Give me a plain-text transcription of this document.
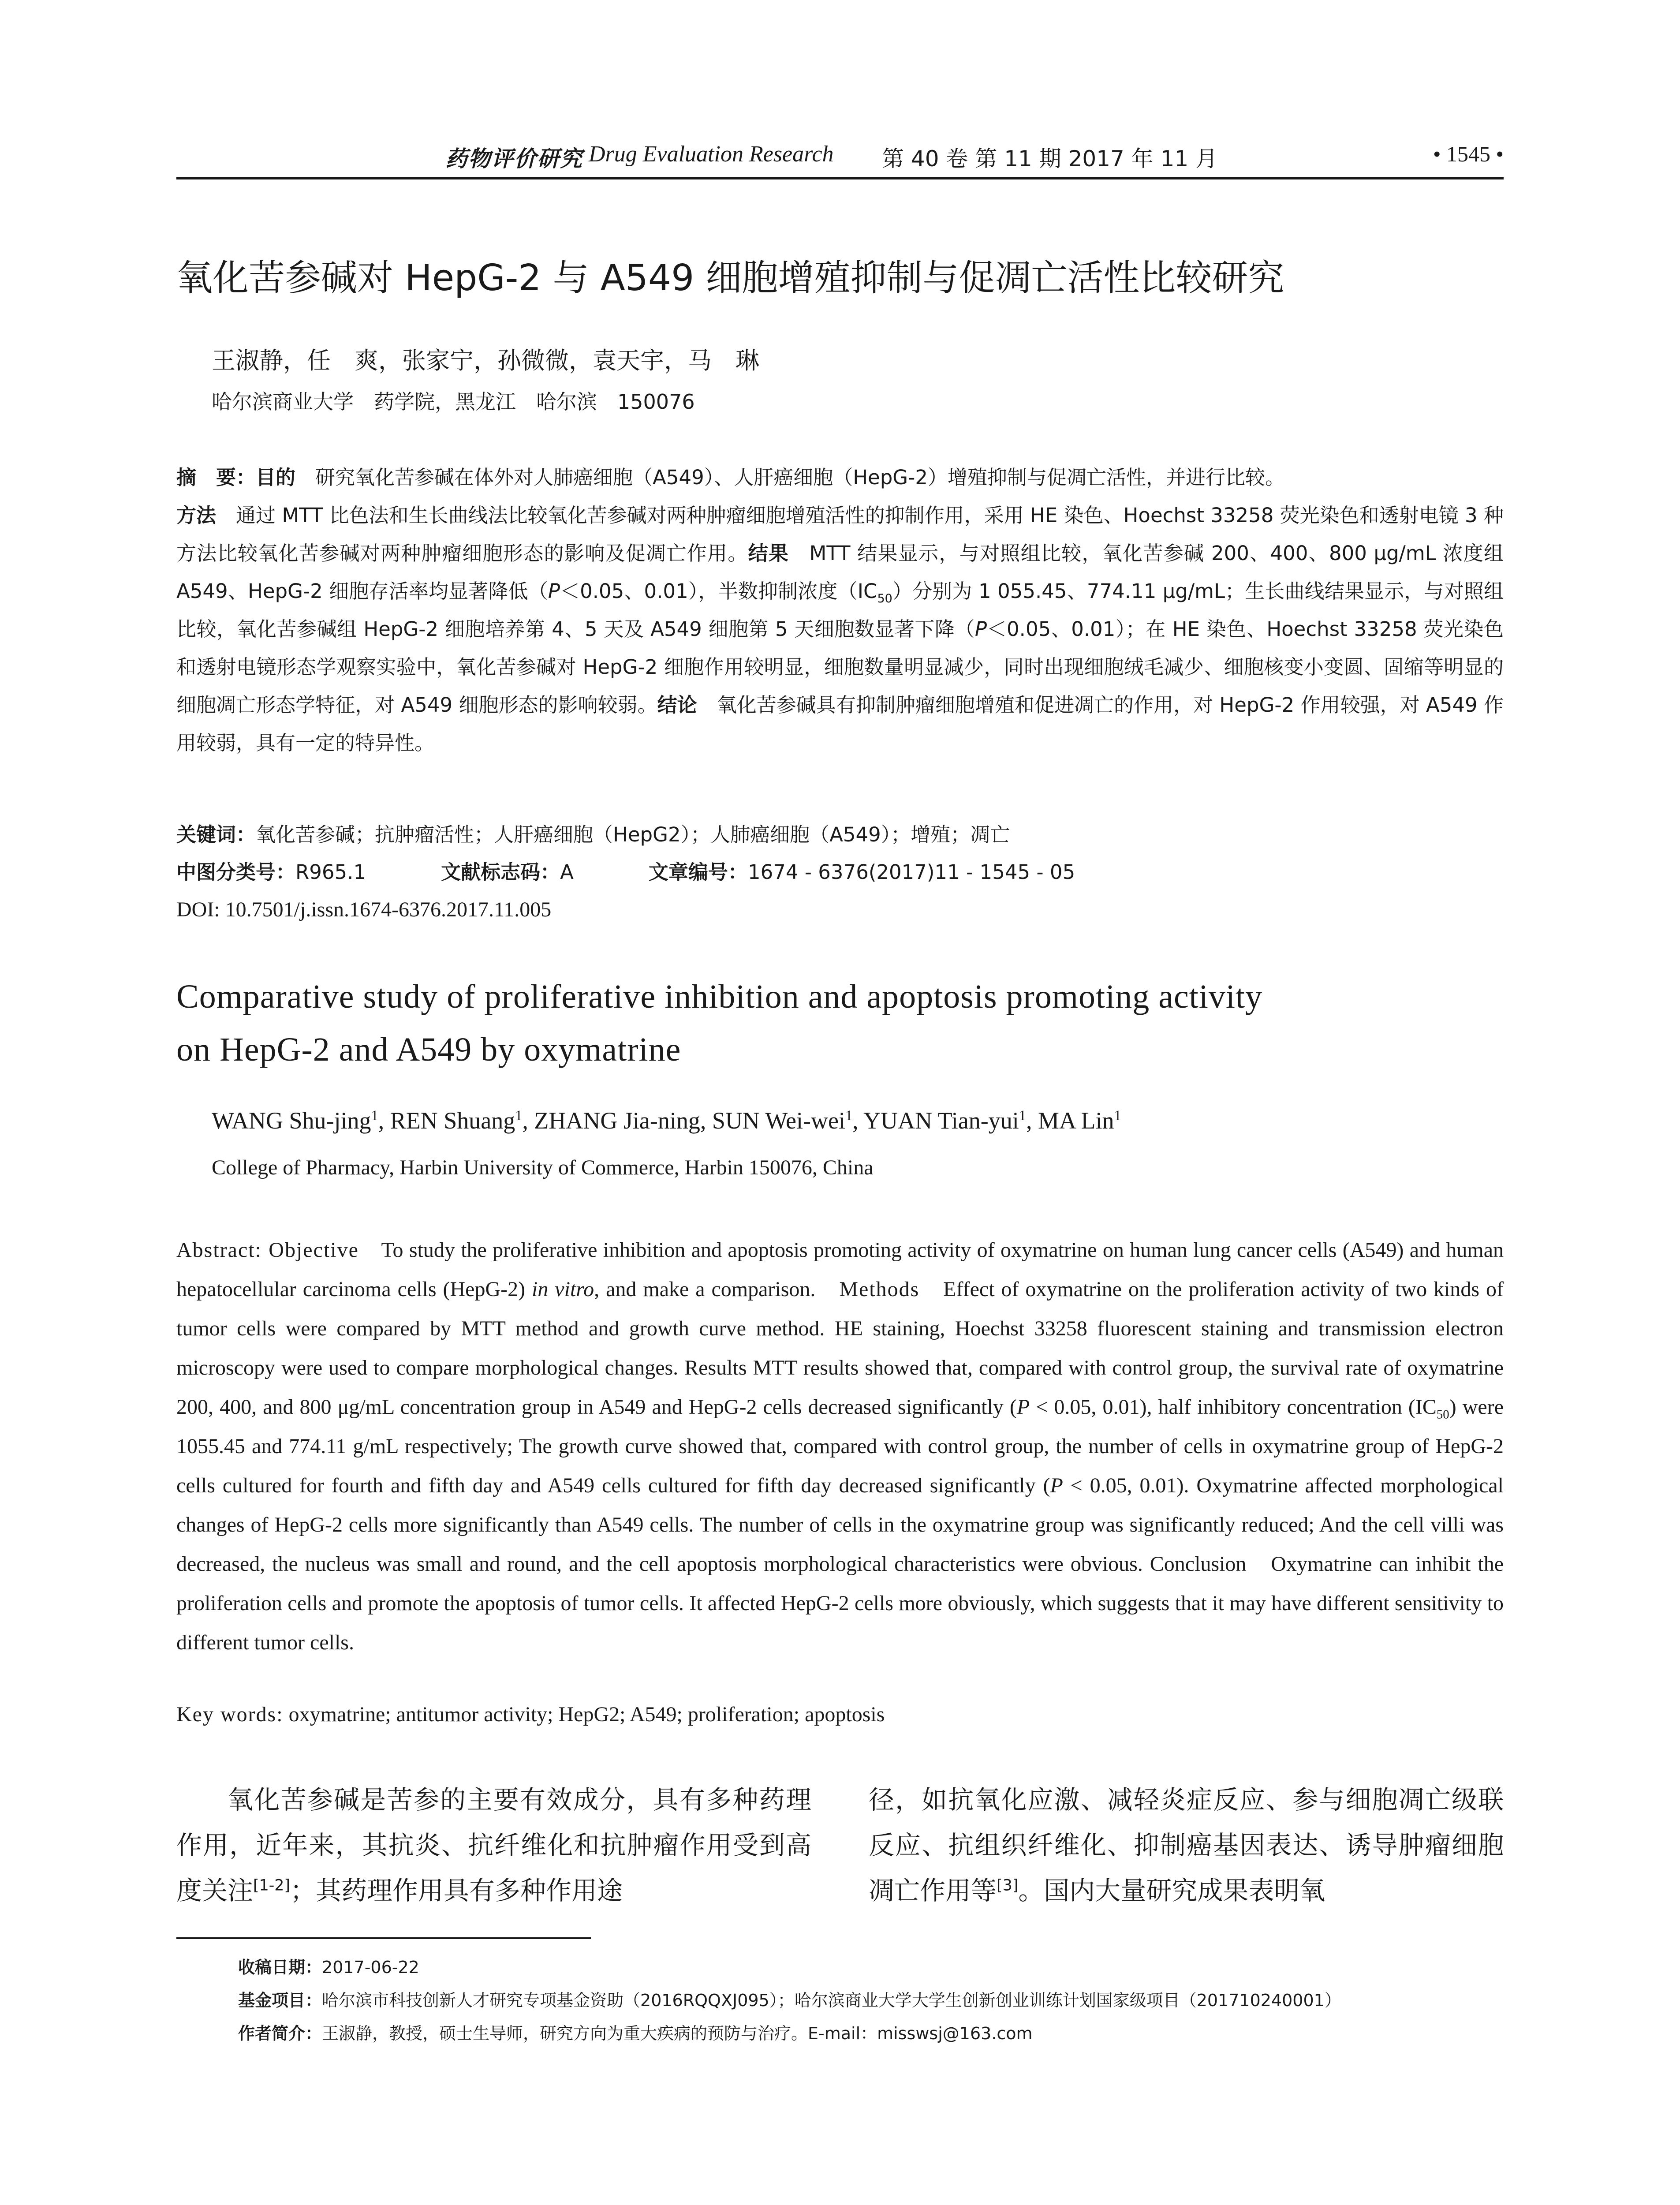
药物评价研究 Drug Evaluation Research 第 40 卷 第 11 期 2017 年 11 月	• 1545 •
氧化苦参碱对 HepG-2 与 A549 细胞增殖抑制与促凋亡活性比较研究
王淑静，任　爽，张家宁，孙微微，袁天宇，马　琳
哈尔滨商业大学　药学院，黑龙江　哈尔滨　150076
摘　要：目的　研究氧化苦参碱在体外对人肺癌细胞（A549）、人肝癌细胞（HepG-2）增殖抑制与促凋亡活性，并进行比较。
方法　通过 MTT 比色法和生长曲线法比较氧化苦参碱对两种肿瘤细胞增殖活性的抑制作用，采用 HE 染色、Hoechst 33258 荧光染色和透射电镜 3 种方法比较氧化苦参碱对两种肿瘤细胞形态的影响及促凋亡作用。结果　MTT 结果显示，与对照组比较，氧化苦参碱 200、400、800 μg/mL 浓度组 A549、HepG-2 细胞存活率均显著降低（P＜0.05、0.01），半数抑制浓度$(IC_{50})$分别为 1 055.45、774.11 μg/mL；生长曲线结果显示，与对照组比较，氧化苦参碱组 HepG-2 细胞培养第 4、5 天及 A549 细胞第 5 天细胞数显著下降（P＜0.05、0.01）；在 HE 染色、Hoechst 33258 荧光染色和透射电镜形态学观察实验中，氧化苦参碱对 HepG-2 细胞作用较明显，细胞数量明显减少，同时出现细胞绒毛减少、细胞核变小变圆、固缩等明显的细胞凋亡形态学特征，对 A549 细胞形态的影响较弱。结论　氧化苦参碱具有抑制肿瘤细胞增殖和促进凋亡的作用，对 HepG-2 作用较强，对 A549 作用较弱，具有一定的特异性。
关键词：氧化苦参碱；抗肿瘤活性；人肝癌细胞（HepG2）；人肺癌细胞（A549）；增殖；凋亡
中图分类号：R965.1	文献标志码：A	文章编号：1674 - 6376(2017)11 - 1545 - 05
DOI: 10.7501/j.issn.1674-6376.2017.11.005
Comparative study of proliferative inhibition and apoptosis promoting activity
on HepG-2 and A549 by oxymatrine
WANG Shu-jing$^1$, REN Shuang$^1$, ZHANG Jia-ning, SUN Wei-wei$^1$, YUAN Tian-yui$^1$, MA Lin$^1$
College of Pharmacy, Harbin University of Commerce, Harbin 150076, China
Abstract: Objective　To study the proliferative inhibition and apoptosis promoting activity of oxymatrine on human lung cancer cells (A549) and human hepatocellular carcinoma cells (HepG-2) in vitro, and make a comparison.　Methods　Effect of oxymatrine on the proliferation activity of two kinds of tumor cells were compared by MTT method and growth curve method. HE staining, Hoechst 33258 fluorescent staining and transmission electron microscopy were used to compare morphological changes. Results MTT results showed that, compared with control group, the survival rate of oxymatrine 200, 400, and 800 μg/mL concentration group in A549 and HepG-2 cells decreased significantly (P < 0.05, 0.01), half inhibitory concentration $(IC_{50})$ were 1055.45 and 774.11 g/mL respectively; The growth curve showed that, compared with control group, the number of cells in oxymatrine group of HepG-2 cells cultured for fourth and fifth day and A549 cells cultured for fifth day decreased significantly (P < 0.05, 0.01). Oxymatrine affected morphological changes of HepG-2 cells more significantly than A549 cells. The number of cells in the oxymatrine group was significantly reduced; And the cell villi was decreased, the nucleus was small and round, and the cell apoptosis morphological characteristics were obvious. Conclusion　Oxymatrine can inhibit the proliferation cells and promote the apoptosis of tumor cells. It affected HepG-2 cells more obviously, which suggests that it may have different sensitivity to different tumor cells.
Key words: oxymatrine; antitumor activity; HepG2; A549; proliferation; apoptosis
氧化苦参碱是苦参的主要有效成分，具有多种药理作用，近年来，其抗炎、抗纤维化和抗肿瘤作用受到高度关注[1-2]；其药理作用具有多种作用途
径，如抗氧化应激、减轻炎症反应、参与细胞凋亡级联反应、抗组织纤维化、抑制癌基因表达、诱导肿瘤细胞凋亡作用等[3]。国内大量研究成果表明氧
收稿日期：2017-06-22
基金项目：哈尔滨市科技创新人才研究专项基金资助（2016RQQXJ095）；哈尔滨商业大学大学生创新创业训练计划国家级项目（201710240001）
作者简介：王淑静，教授，硕士生导师，研究方向为重大疾病的预防与治疗。E-mail：misswsj@163.com
